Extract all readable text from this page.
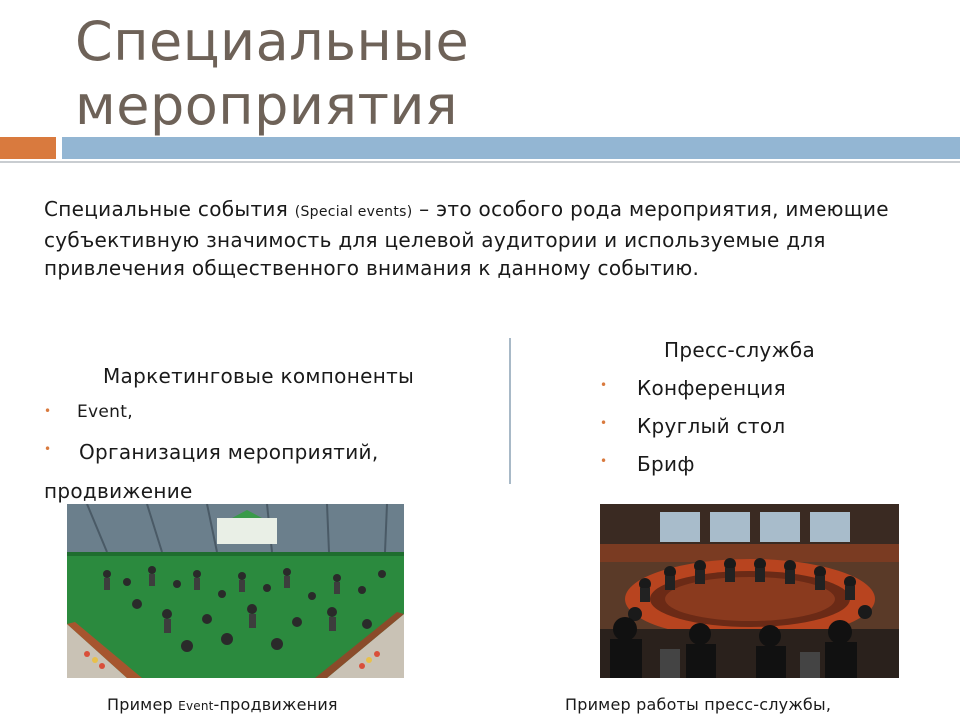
Специальные
мероприятия

Специальные события (Special events) – это особого рода мероприятия, имеющие субъективную значимость для целевой аудитории и используемые для привлечения общественного внимания к данному событию.

Маркетинговые компоненты
• Event,
• Организация мероприятий,
продвижение
Пресс-служба
• Конференция
• Круглый стол
• Бриф
Пример Event-продвижения	Пример работы пресс-службы,
